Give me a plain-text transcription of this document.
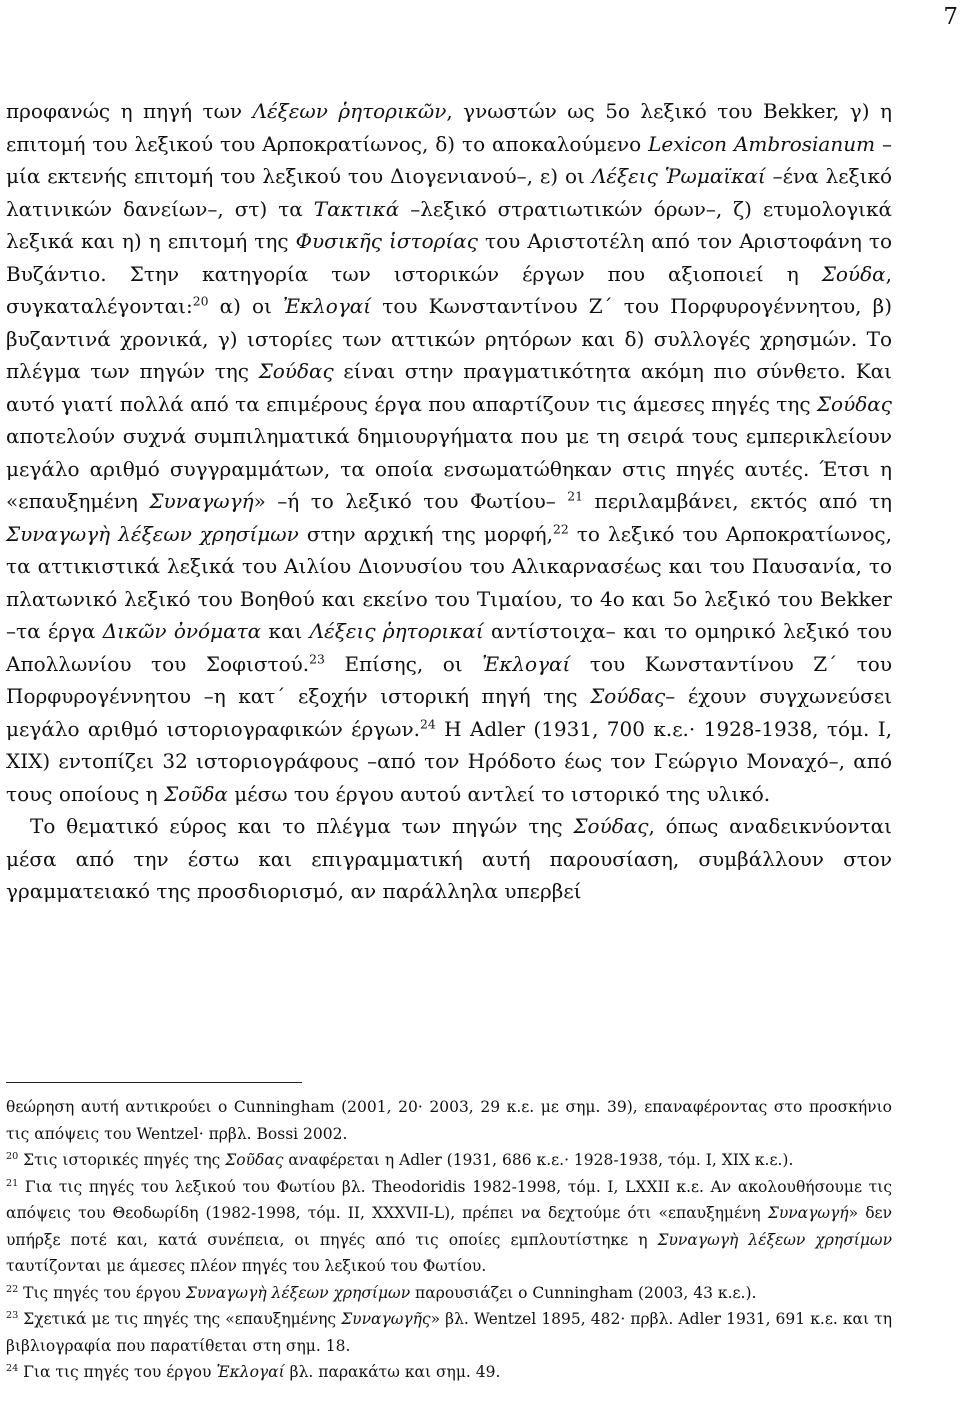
7

προφανώς η πηγή των Λέξεων ῥητορικῶν, γνωστών ως 5ο λεξικό του Bekker, γ) η επιτομή του λεξικού του Αρποκρατίωνος, δ) το αποκαλούμενο Lexicon Ambrosianum –μία εκτενής επιτομή του λεξικού του Διογενιανού–, ε) οι Λέξεις Ῥωμαϊκαί –ένα λεξικό λατινικών δανείων–, στ) τα Τακτικά –λεξικό στρατιωτικών όρων–, ζ) ετυμολογικά λεξικά και η) η επιτομή της Φυσικῆς ἱστορίας του Αριστοτέλη από τον Αριστοφάνη το Βυζάντιο. Στην κατηγορία των ιστορικών έργων που αξιοποιεί η Σούδα, συγκαταλέγονται:$^{20}$ α) οι Ἐκλογαί του Κωνσταντίνου Ζ΄ του Πορφυρογέννητου, β) βυζαντινά χρονικά, γ) ιστορίες των αττικών ρητόρων και δ) συλλογές χρησμών. Το πλέγμα των πηγών της Σούδας είναι στην πραγματικότητα ακόμη πιο σύνθετο. Και αυτό γιατί πολλά από τα επιμέρους έργα που απαρτίζουν τις άμεσες πηγές της Σούδας αποτελούν συχνά συμπιληματικά δημιουργήματα που με τη σειρά τους εμπερικλείουν μεγάλο αριθμό συγγραμμάτων, τα οποία ενσωματώθηκαν στις πηγές αυτές. Έτσι η «επαυξημένη Συναγωγή» –ή το λεξικό του Φωτίου– $^{21}$ περιλαμβάνει, εκτός από τη Συναγωγὴ λέξεων χρησίμων στην αρχική της μορφή,$^{22}$ το λεξικό του Αρποκρατίωνος, τα αττικιστικά λεξικά του Αιλίου Διονυσίου του Αλικαρνασέως και του Παυσανία, το πλατωνικό λεξικό του Βοηθού και εκείνο του Τιμαίου, το 4ο και 5ο λεξικό του Bekker –τα έργα Δικῶν ὀνόματα και Λέξεις ῥητορικαί αντίστοιχα– και το ομηρικό λεξικό του Απολλωνίου του Σοφιστού.$^{23}$ Επίσης, οι Ἐκλογαί του Κωνσταντίνου Ζ΄ του Πορφυρογέννητου –η κατ΄ εξοχήν ιστορική πηγή της Σούδας– έχουν συγχωνεύσει μεγάλο αριθμό ιστοριογραφικών έργων.$^{24}$ Η Adler (1931, 700 κ.ε.· 1928-1938, τόμ. Ι, XIX) εντοπίζει 32 ιστοριογράφους –από τον Ηρόδοτο έως τον Γεώργιο Μοναχό–, από τους οποίους η Σοῦδα μέσω του έργου αυτού αντλεί το ιστορικό της υλικό.

Το θεματικό εύρος και το πλέγμα των πηγών της Σούδας, όπως αναδεικνύονται μέσα από την έστω και επιγραμματική αυτή παρουσίαση, συμβάλλουν στον γραμματειακό της προσδιορισμό, αν παράλληλα υπερβεί

θεώρηση αυτή αντικρούει ο Cunningham (2001, 20· 2003, 29 κ.ε. με σημ. 39), επαναφέροντας στο προσκήνιο τις απόψεις του Wentzel· πρβλ. Bossi 2002.

$^{20}$ Στις ιστορικές πηγές της Σοῦδας αναφέρεται η Adler (1931, 686 κ.ε.· 1928-1938, τόμ. Ι, XIX κ.ε.).

$^{21}$ Για τις πηγές του λεξικού του Φωτίου βλ. Theodoridis 1982-1998, τόμ. Ι, LXXII κ.ε. Αν ακολουθήσουμε τις απόψεις του Θεοδωρίδη (1982-1998, τόμ. ΙΙ, XXXVII-L), πρέπει να δεχτούμε ότι «επαυξημένη Συναγωγή» δεν υπήρξε ποτέ και, κατά συνέπεια, οι πηγές από τις οποίες εμπλουτίστηκε η Συναγωγὴ λέξεων χρησίμων ταυτίζονται με άμεσες πλέον πηγές του λεξικού του Φωτίου.

$^{22}$ Τις πηγές του έργου Συναγωγὴ λέξεων χρησίμων παρουσιάζει ο Cunningham (2003, 43 κ.ε.).

$^{23}$ Σχετικά με τις πηγές της «επαυξημένης Συναγωγῆς» βλ. Wentzel 1895, 482· πρβλ. Adler 1931, 691 κ.ε. και τη βιβλιογραφία που παρατίθεται στη σημ. 18.

$^{24}$ Για τις πηγές του έργου Ἐκλογαί βλ. παρακάτω και σημ. 49.
